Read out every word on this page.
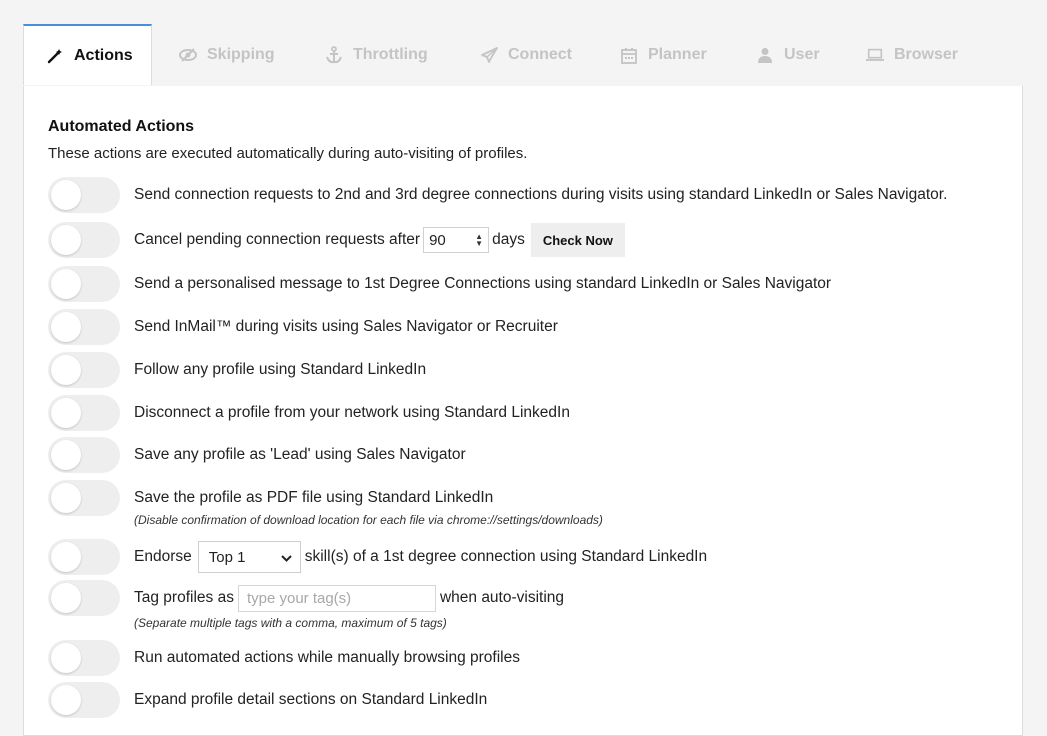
Actions	Skipping	Throttling	Connect	Planner	User	Browser
Automated Actions
These actions are executed automatically during auto-visiting of profiles.
Send connection requests to 2nd and 3rd degree connections during visits using standard LinkedIn or Sales Navigator.
Cancel pending connection requests after 90	▲
▼ days	Check Now
Send a personalised message to 1st Degree Connections using standard LinkedIn or Sales Navigator
Send InMail™ during visits using Sales Navigator or Recruiter
Follow any profile using Standard LinkedIn
Disconnect a profile from your network using Standard LinkedIn
Save any profile as 'Lead' using Sales Navigator
Save the profile as PDF file using Standard LinkedIn
(Disable confirmation of download location for each file via chrome://settings/downloads)
Endorse Top 1	skill(s) of a 1st degree connection using Standard LinkedIn
Tag profiles as
type your tag(s)	when auto-visiting
(Separate multiple tags with a comma, maximum of 5 tags)
Run automated actions while manually browsing profiles
Expand profile detail sections on Standard LinkedIn
